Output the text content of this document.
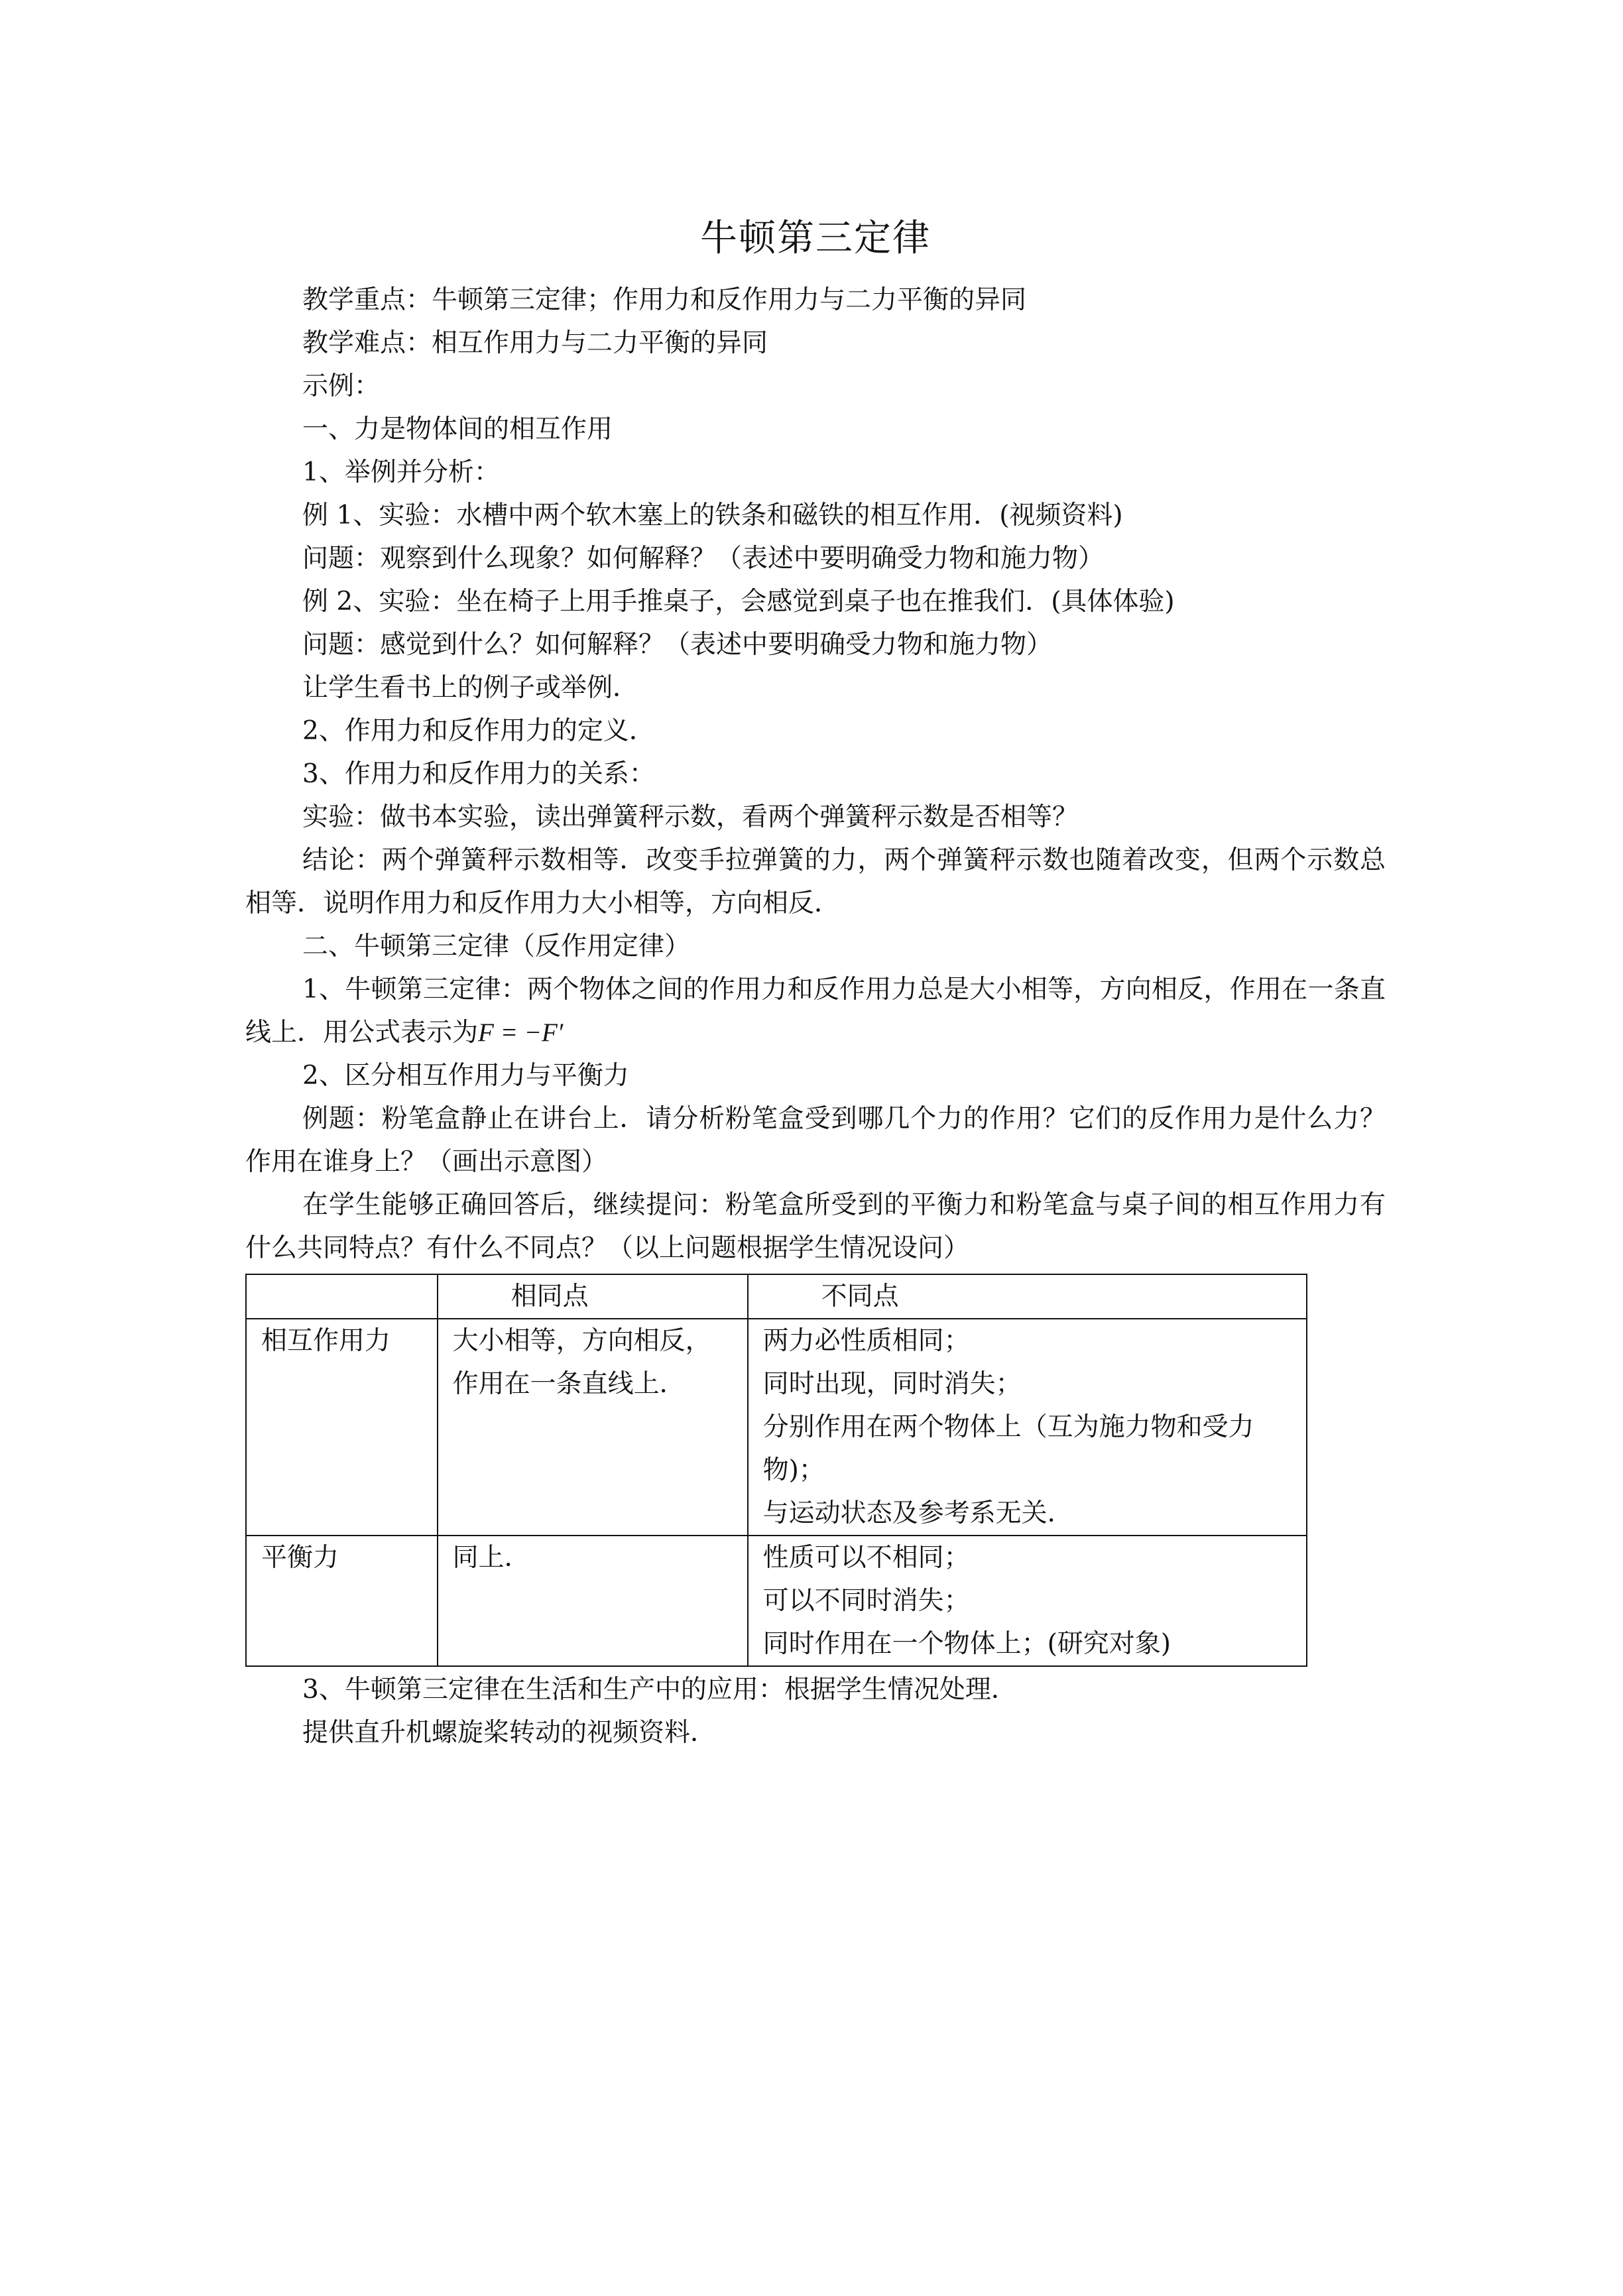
牛顿第三定律

教学重点：牛顿第三定律；作用力和反作用力与二力平衡的异同

教学难点：相互作用力与二力平衡的异同

示例：

一、力是物体间的相互作用

1、举例并分析：

例 1、实验：水槽中两个软木塞上的铁条和磁铁的相互作用．(视频资料)

问题：观察到什么现象？如何解释？（表述中要明确受力物和施力物）

例 2、实验：坐在椅子上用手推桌子，会感觉到桌子也在推我们．(具体体验)

问题：感觉到什么？如何解释？（表述中要明确受力物和施力物）

让学生看书上的例子或举例．

2、作用力和反作用力的定义．

3、作用力和反作用力的关系：

实验：做书本实验，读出弹簧秤示数，看两个弹簧秤示数是否相等？

结论：两个弹簧秤示数相等．改变手拉弹簧的力，两个弹簧秤示数也随着改变，但两个示数总相等．说明作用力和反作用力大小相等，方向相反．

二、牛顿第三定律（反作用定律）

1、牛顿第三定律：两个物体之间的作用力和反作用力总是大小相等，方向相反，作用在一条直线上．用公式表示为F = −F′

2、区分相互作用力与平衡力

例题：粉笔盒静止在讲台上．请分析粉笔盒受到哪几个力的作用？它们的反作用力是什么力？作用在谁身上？（画出示意图）

在学生能够正确回答后，继续提问：粉笔盒所受到的平衡力和粉笔盒与桌子间的相互作用力有什么共同特点？有什么不同点？（以上问题根据学生情况设问）

	相同点	不同点
相互作用力	大小相等，方向相反，作用在一条直线上．	两力必性质相同；
同时出现，同时消失；
分别作用在两个物体上（互为施力物和受力物)；
与运动状态及参考系无关．

平衡力	同上．	性质可以不相同；
可以不同时消失；
同时作用在一个物体上；(研究对象)

3、牛顿第三定律在生活和生产中的应用：根据学生情况处理．

提供直升机螺旋桨转动的视频资料．
